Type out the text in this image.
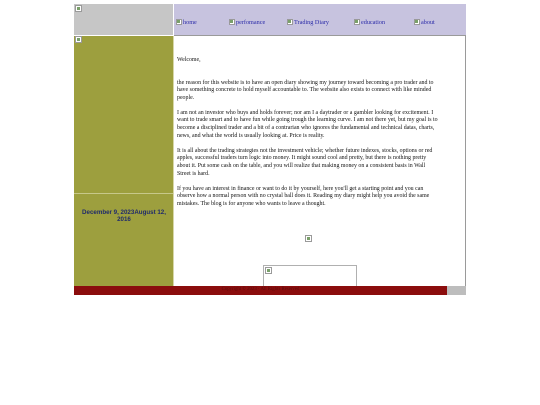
home	perfomance	Trading Diary	education	about
December 9, 2023August 12, 2016

Welcome,

the reason for this website is to have an open diary showing my journey toward becoming a pro trader and to have something concrete to hold myself accountable to. The website also exists to connect with like minded people.

I am not an investor who buys and holds forever; nor am I a daytrader or a gambler looking for excitement. I want to trade smart and to have fun while going trough the learning curve. I am not there yet, but my goal is to become a disciplined trader and a bit of a contrarian who ignores the fundamental and technical datas, charts, news, and what the world is usually looking at. Price is reality.

It is all about the trading strategies not the investment vehicle; whether future indexes, stocks, options or red apples, successful traders turn logic into money. It might sound cool and pretty, but there is nothing pretty about it. Put some cash on the table, and you will realize that making money on a consistent basis in Wall Street is hard.

If you have an interest in finance or want to do it by yourself, here you'll get a starting point and you can observe how a normal person with no crystal ball does it. Reading my diary might help you avoid the same mistakes. The blog is for anyone who wants to leave a thought.

Copyright © 2023 · All Rights Reserved
